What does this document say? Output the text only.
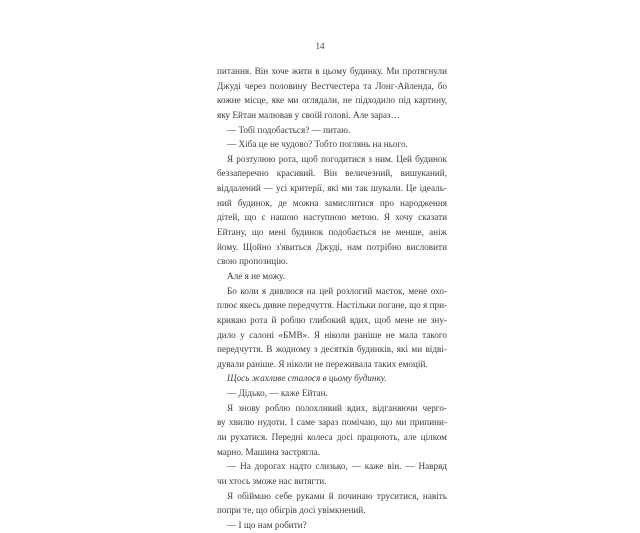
14
питання. Він хоче жити в цьому будинку. Ми протягнули
Джуді через половину Вестчестера та Лонг-Айленда, бо
кожне місце, яке ми оглядали, не підходило під картину,
яку Ейтан малював у своїй голові. Але зараз…
— Тобі подобається? — питаю.
— Хіба це не чудово? Тобто поглянь на нього.
Я розтулюю рота, щоб погодитися з ним. Цей будинок
беззаперечно красивий. Він величезний, вишуканий,
віддалений — усі критерії, які ми так шукали. Це ідеаль-
ний будинок, де можна замислитися про народження
дітей, що є нашою наступною метою. Я хочу сказати
Ейтану, що мені будинок подобається не менше, аніж
йому. Щойно з'явиться Джуді, нам потрібно висловити
свою пропозицію.
Але я не можу.
Бо коли я дивлюся на цей розлогий маєток, мене охо-
плює якесь дивне передчуття. Настільки погане, що я при-
криваю рота й роблю глибокий вдих, щоб мене не зну-
дило у салоні «БМВ». Я ніколи раніше не мала такого
передчуття. В жодному з десятків будинків, які ми відві-
дували раніше. Я ніколи не переживала таких емоцій.
Щось жахливе сталося в цьому будинку.
— Дідько, — каже Ейтан.
Я знову роблю полохливий вдих, відганяючи черго-
ву хвилю нудоти. І саме зараз помічаю, що ми припини-
ли рухатися. Передні колеса досі працюють, але цілком
марно. Машина застрягла.
— На дорогах надто слизько, — каже він. — Навряд
чи хтось зможе нас витягти.
Я обіймаю себе руками й починаю труситися, навіть
попри те, що обігрів досі увімкнений.
— І що нам робити?
